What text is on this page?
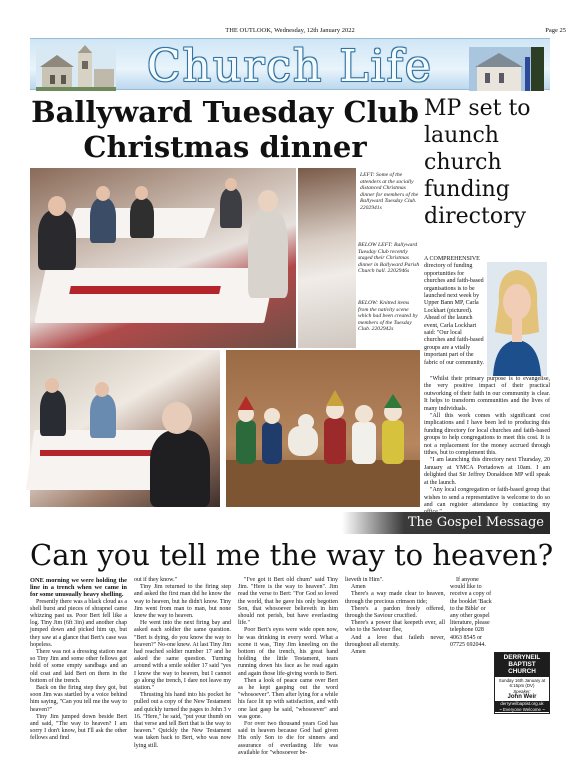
THE OUTLOOK, Wednesday, 12th January 2022	Page 25
Church Life
Ballyward Tuesday Club Christmas dinner
LEFT: Some of the attenders at the socially distanced Christmas dinner for members of the Ballyward Tuesday Club. 2202941s
BELOW LEFT: Ballyward Tuesday Club recently staged their Christmas dinner in Ballyward Parish Church hall. 2202946s
BELOW: Knitted items from the nativity scene which had been created by members of the Tuesday Club. 2202942s
MP set to launch church funding directory
A COMPREHENSIVE directory of funding opportunities for churches and faith-based organisations is to be launched next week by Upper Bann MP, Carla Lockhart (pictured).
Ahead of the launch event, Carla Lockhart said: "Our local churches and faith-based groups are a vitally important part of the fabric of our community.

"Whilst their primary purpose is to evangelise, the very positive impact of their practical outworking of their faith in our community is clear. It helps to transform communities and the lives of many individuals.

"All this work comes with significant cost implications and I have been led to producing this funding directory for local churches and faith-based groups to help congregations to meet this cost. It is not a replacement for the money accrued through tithes, but to complement this.

"I am launching this directory next Thursday, 20 January at YMCA Portadown at 10am. I am delighted that Sir Jeffrey Donaldson MP will speak at the launch.

"Any local congregation or faith-based group that wishes to send a representative is welcome to do so and can register attendance by contacting my

The Gospel Message
Can you tell me the way to heaven?

ONE morning we were holding the line in a trench when we came in for some unusually heavy shelling.

Presently there was a black cloud as a shell burst and pieces of shrapnel came whizzing past us. Poor Bert fell like a log. Tiny Jim (6ft 3in) and another chap jumped down and picked him up, but they saw at a glance that Bert's case was hopeless.

There was not a dressing station near so Tiny Jim and some other fellows got hold of some empty sandbags and an old coat and laid Bert on them in the bottom of the trench.

Back on the firing step they got, but soon Jim was startled by a voice behind him saying, "Can you tell me the way to heaven?"

Tiny Jim jumped down beside Bert and said, "The way to heaven? I am sorry I don't know, but I'll ask the other fellows and find

out if they know."

Tiny Jim returned to the firing step and asked the first man did he know the way to heaven, but he didn't know. Tiny Jim went from man to man, but none knew the way to heaven.

He went into the next firing bay and asked each soldier the same question. "Bert is dying, do you know the way to heaven?" No-one knew. At last Tiny Jim had reached soldier number 17 and he asked the same question. Turning around with a smile soldier 17 said "yes I know the way to heaven, but I cannot go along the trench, I dare not leave my station."

Thrusting his hand into his pocket he pulled out a copy of the New Testament and quickly turned the pages to John 3 v 16. "Here," he said, "put your thumb on that verse and tell Bert that is the way to heaven." Quickly the New Testament was taken back to Bert, who was now lying still.

"I've got it Bert old chum" said Tiny Jim. "Here is the way to heaven". Jim read the verse to Bert: "For God so loved the world, that he gave his only begotten Son, that whosoever believeth in him should not perish, but have everlasting life."

Poor Bert's eyes were wide open now, he was drinking in every word. What a scene it was, Tiny Jim kneeling on the bottom of the trench, his great hand holding the little Testament, tears running down his face as he read again and again those life-giving words to Bert.

Then a look of peace came over Bert as he kept gasping out the word "whosoever". Then after lying for a while his face lit up with satisfaction, and with one last gasp he said, "whosoever" and was gone.

For over two thousand years God has said in heaven because God had given His only Son to die for sinners and assurance of everlasting life was available for "whosoever be-

lieveth in Him".

Amen

There's a way made clear to heaven, through the precious crimson tide;

There's a pardon freely offered, through the Saviour crucified.

There's a power that keepeth ever, all who to the Saviour flee,

And a love that faileth never, throughout all eternity.

Amen

If anyone would like to receive a copy of the booklet 'Back to the Bible' or any other gospel literature, please telephone 028 4063 8545 or 07725 692044.

DERRYNEIL BAPTIST CHURCH
Sunday 16th January at 6:15pm (DV)
Speaker:
John Weir
derryneilbaptist.org.uk
~ Everyone Welcome ~
